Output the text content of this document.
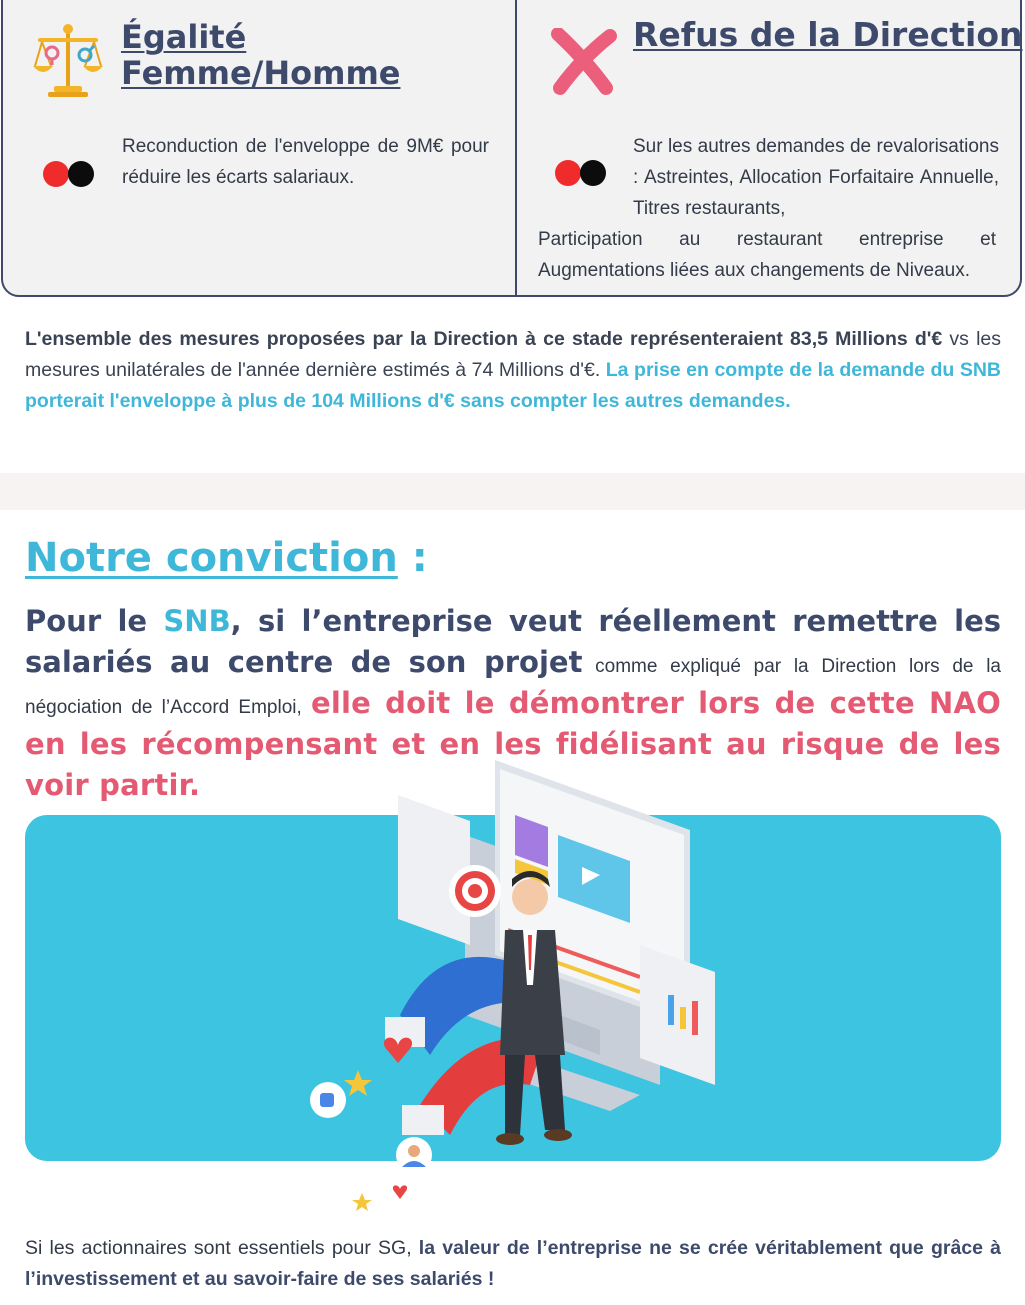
Égalité Femme/Homme
Reconduction de l'enveloppe de 9M€ pour réduire les écarts salariaux.
Refus de la Direction
Sur les autres demandes de revalorisations : Astreintes, Allocation Forfaitaire Annuelle, Titres restaurants,
Participation au restaurant entreprise et Augmentations liées aux changements de Niveaux.
L'ensemble des mesures proposées par la Direction à ce stade représenteraient 83,5 Millions d'€ vs les mesures unilatérales de l'année dernière estimés à 74 Millions d'€. La prise en compte de la demande du SNB porterait l'enveloppe à plus de 104 Millions d'€ sans compter les autres demandes.
Notre conviction :
Pour le SNB, si l’entreprise veut réellement remettre les salariés au centre de son projet comme expliqué par la Direction lors de la négociation de l’Accord Emploi, elle doit le démontrer lors de cette NAO en les récompensant et en les fidélisant au risque de les voir partir.
Si les actionnaires sont essentiels pour SG, la valeur de l’entreprise ne se crée véritablement que grâce à l’investissement et au savoir-faire de ses salariés !
